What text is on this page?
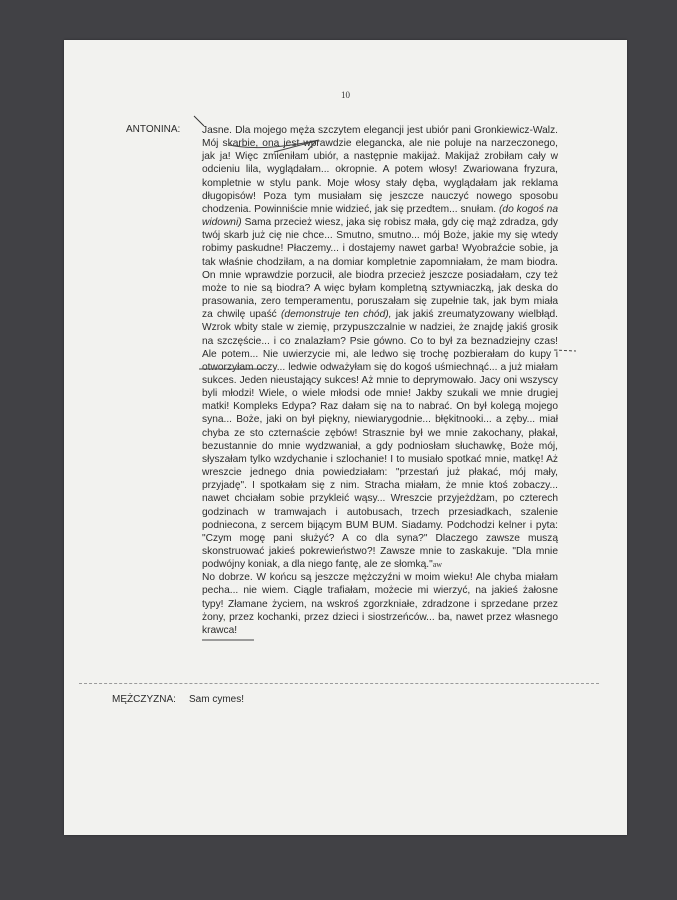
10
ANTONINA: Jasne. Dla mojego męża szczytem elegancji jest ubiór pani Gronkiewicz-Walz. Mój skarbie, ona jest wprawdzie elegancka, ale nie poluje na narzeczonego, jak ja! Więc zmieniłam ubiór, a następnie makijaż. Makijaż zrobiłam cały w odcieniu lila, wyglądałam... okropnie. A potem włosy! Zwariowana fryzura, kompletnie w stylu pank. Moje włosy stały dęba, wyglądałam jak reklama długopisów! Poza tym musiałam się jeszcze nauczyć nowego sposobu chodzenia. Powinniście mnie widzieć, jak się przedtem... snułam. (do kogoś na widowni) Sama przecież wiesz, jaka się robisz mała, gdy cię mąż zdradza, gdy twój skarb już cię nie chce... Smutno, smutno... mój Boże, jakie my się wtedy robimy paskudne! Płaczemy... i dostajemy nawet garba! Wyobraźcie sobie, ja tak właśnie chodziłam, a na domiar kompletnie zapomniałam, że mam biodra. On mnie wprawdzie porzucił, ale biodra przecież jeszcze posiadałam, czy też może to nie są biodra? A więc byłam kompletną sztywniaczką, jak deska do prasowania, zero temperamentu, poruszałam się zupełnie tak, jak bym miała za chwilę upaść (demonstruje ten chód), jak jakiś zreumatyzowany wielbłąd. Wzrok wbity stale w ziemię, przypuszczalnie w nadziei, że znajdę jakiś grosik na szczęście... i co znalazłam? Psie gówno. Co to był za beznadziejny czas! Ale potem... Nie uwierzycie mi, ale ledwo się trochę pozbierałam do kupy i otworzyłam oczy... ledwie odważyłam się do kogoś uśmiechnąć... a już miałam sukces. Jeden nieustający sukces! Aż mnie to deprymowało. Jacy oni wszyscy byli młodzi! Wiele, o wiele młodsi ode mnie! Jakby szukali we mnie drugiej matki! Kompleks Edypa? Raz dałam się na to nabrać. On był kolegą mojego syna... Boże, jaki on był piękny, niewiarygodnie... błękitnooki... a zęby... miał chyba ze sto czternaście zębów! Strasznie był we mnie zakochany, płakał, bezustannie do mnie wydzwaniał, a gdy podniosłam słuchawkę, Boże mój, słyszałam tylko wzdychanie i szlochanie! I to musiało spotkać mnie, matkę! Aż wreszcie jednego dnia powiedziałam: "przestań już płakać, mój mały, przyjadę". I spotkałam się z nim. Stracha miałam, że mnie ktoś zobaczy... nawet chciałam sobie przykleić wąsy... Wreszcie przyjeżdżam, po czterech godzinach w tramwajach i autobusach, trzech przesiadkach, szalenie podniecona, z sercem bijącym BUM BUM. Siadamy. Podchodzi kelner i pyta: "Czym mogę pani służyć? A co dla syna?" Dlaczego zawsze muszą skonstruować jakieś pokrewieństwo?! Zawsze mnie to zaskakuje. "Dla mnie podwójny koniak, a dla niego fantę, ale ze słomką."aw

No dobrze. W końcu są jeszcze mężczyźni w moim wieku! Ale chyba miałam pecha... nie wiem. Ciągle trafiałam, możecie mi wierzyć, na jakieś żałosne typy! Złamane życiem, na wskroś zgorzkniałe, zdradzone i sprzedane przez żony, przez kochanki, przez dzieci i siostrzeńców... ba, nawet przez własnego krawca!

MĘŻCZYZNA: Sam cymes!
